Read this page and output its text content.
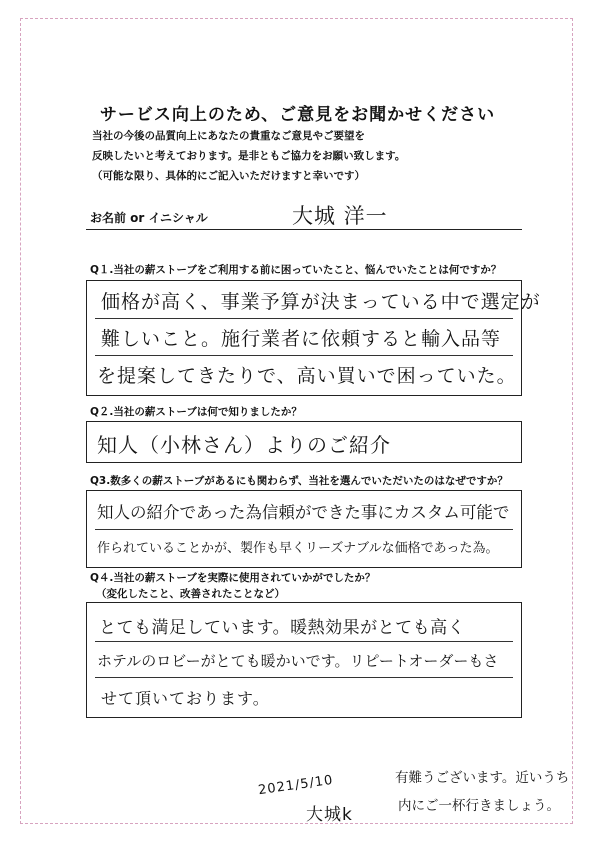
サービス向上のため、ご意見をお聞かせください
当社の今後の品質向上にあなたの貴重なご意見やご要望を
反映したいと考えております。是非ともご協力をお願い致します。
（可能な限り、具体的にご記入いただけますと幸いです）
お名前 or イニシャル	大城 洋一
Q１.当社の薪ストーブをご利用する前に困っていたこと、悩んでいたことは何ですか？
価格が高く、事業予算が決まっている中で選定が
難しいこと。施行業者に依頼すると輸入品等
を提案してきたりで、高い買いで困っていた。
Q２.当社の薪ストーブは何で知りましたか？
知人（小林さん）よりのご紹介
Q3.数多くの薪ストーブがあるにも関わらず、当社を選んでいただいたのはなぜですか？
知人の紹介であった為信頼ができた事にカスタム可能で
作られていることかが、製作も早くリーズナブルな価格であった為。
Q４.当社の薪ストーブを実際に使用されていかがでしたか？
（変化したこと、改善されたことなど）
とても満足しています。暖熱効果がとても高く
ホテルのロビーがとても暖かいです。リピートオーダーもさ
せて頂いております。
2021/5/10
大城k
有難うございます。近いうち
内にご一杯行きましょう。
